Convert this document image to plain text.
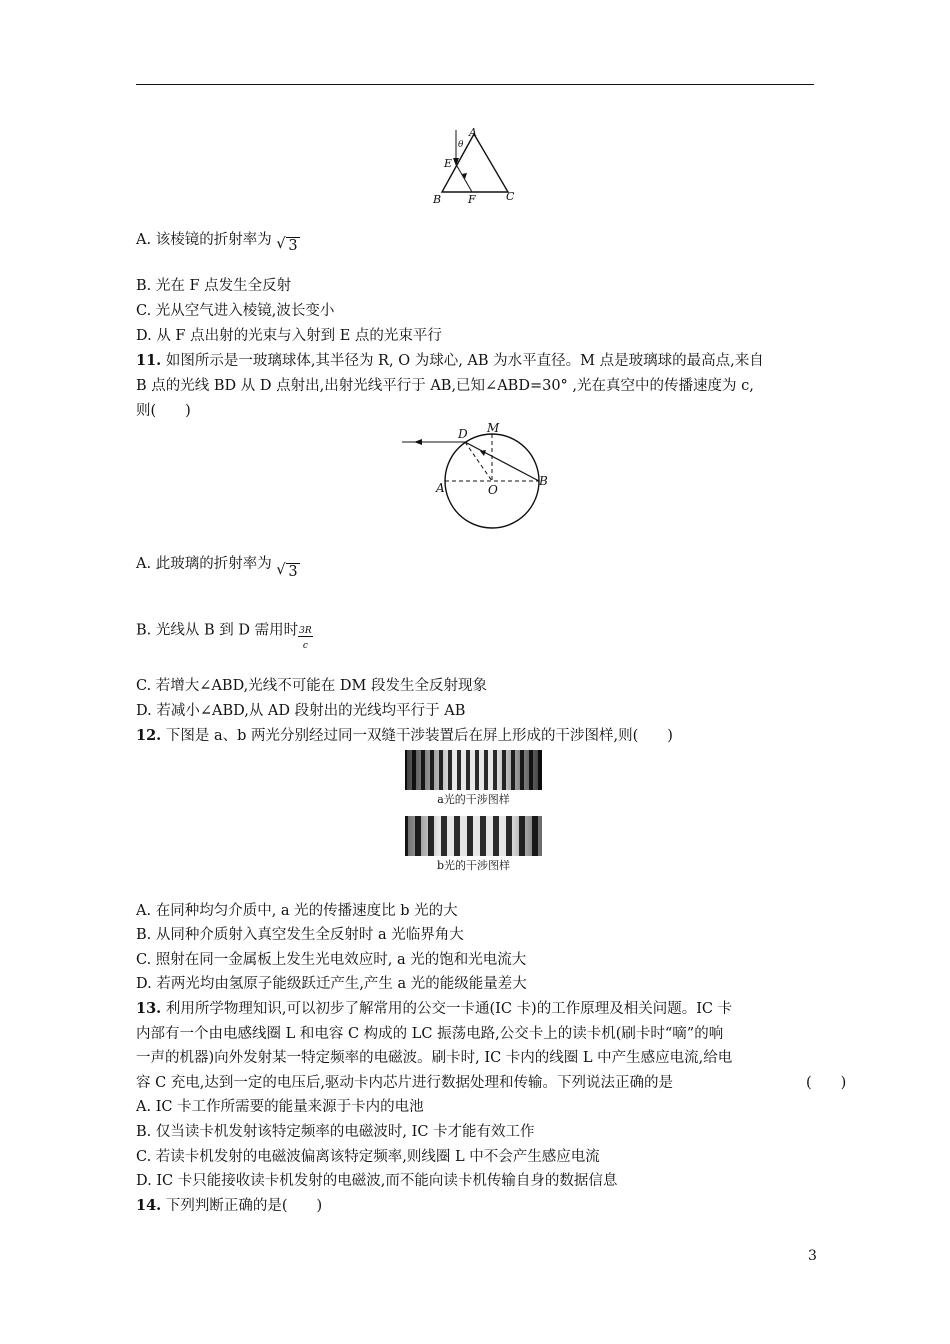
A
θ
E
B F	C
A. 该棱镜的折射率为 √ 3
B. 光在 F 点发生全反射
C. 光从空气进入棱镜,波长变小
D. 从 F 点出射的光束与入射到 E 点的光束平行
11. 如图所示是一玻璃球体,其半径为 R, O 为球心, AB 为水平直径。M 点是玻璃球的最高点,来自
B 点的光线 BD 从 D 点射出,出射光线平行于 AB,已知∠ABD=30° ,光在真空中的传播速度为 c,
则(　　)
D M
A	O
B
A. 此玻璃的折射率为 √ 3
B. 光线从 B 到 D 需用时 $\frac{3R}{c}$
C. 若增大∠ABD,光线不可能在 DM 段发生全反射现象
D. 若减小∠ABD,从 AD 段射出的光线均平行于 AB
12. 下图是 a、b 两光分别经过同一双缝干涉装置后在屏上形成的干涉图样,则(　　)
a光的干涉图样
b光的干涉图样
A. 在同种均匀介质中, a 光的传播速度比 b 光的大
B. 从同种介质射入真空发生全反射时 a 光临界角大
C. 照射在同一金属板上发生光电效应时, a 光的饱和光电流大
D. 若两光均由氢原子能级跃迁产生,产生 a 光的能级能量差大
13. 利用所学物理知识,可以初步了解常用的公交一卡通(IC 卡)的工作原理及相关问题。IC 卡
内部有一个由电感线圈 L 和电容 C 构成的 LC 振荡电路,公交卡上的读卡机(刷卡时“嘀”的响
一声的机器)向外发射某一特定频率的电磁波。刷卡时, IC 卡内的线圈 L 中产生感应电流,给电
容 C 充电,达到一定的电压后,驱动卡内芯片进行数据处理和传输。下列说法正确的是	(　　)
A. IC 卡工作所需要的能量来源于卡内的电池
B. 仅当读卡机发射该特定频率的电磁波时, IC 卡才能有效工作
C. 若读卡机发射的电磁波偏离该特定频率,则线圈 L 中不会产生感应电流
D. IC 卡只能接收读卡机发射的电磁波,而不能向读卡机传输自身的数据信息
14. 下列判断正确的是(　　)
3
